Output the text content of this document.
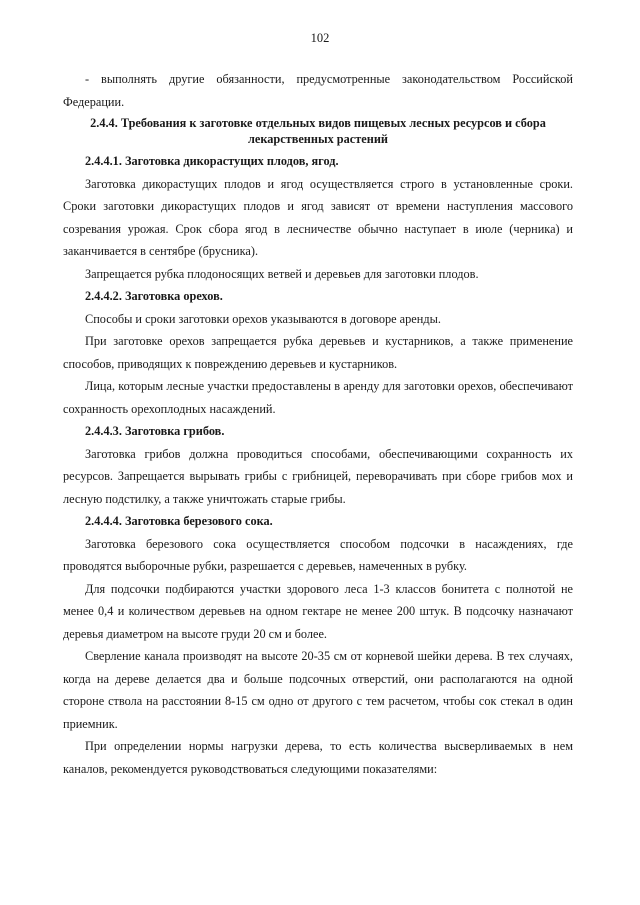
102

- выполнять другие обязанности, предусмотренные законодательством Российской Федерации.

2.4.4. Требования к заготовке отдельных видов пищевых лесных ресурсов и сбора лекарственных растений

2.4.4.1. Заготовка дикорастущих плодов, ягод.

Заготовка дикорастущих плодов и ягод осуществляется строго в установленные сроки. Сроки заготовки дикорастущих плодов и ягод зависят от времени наступления массового созревания урожая. Срок сбора ягод в лесничестве обычно наступает в июле (черника) и заканчивается в сентябре (брусника).

Запрещается рубка плодоносящих ветвей и деревьев для заготовки плодов.

2.4.4.2. Заготовка орехов.

Способы и сроки заготовки орехов указываются в договоре аренды.

При заготовке орехов запрещается рубка деревьев и кустарников, а также применение способов, приводящих к повреждению деревьев и кустарников.

Лица, которым лесные участки предоставлены в аренду для заготовки орехов, обеспечивают сохранность орехоплодных насаждений.

2.4.4.3. Заготовка грибов.

Заготовка грибов должна проводиться способами, обеспечивающими сохранность их ресурсов. Запрещается вырывать грибы с грибницей, переворачивать при сборе грибов мох и лесную подстилку, а также уничтожать старые грибы.

2.4.4.4. Заготовка березового сока.

Заготовка березового сока осуществляется способом подсочки в насаждениях, где проводятся выборочные рубки, разрешается с деревьев, намеченных в рубку.

Для подсочки подбираются участки здорового леса 1-3 классов бонитета с полнотой не менее 0,4 и количеством деревьев на одном гектаре не менее 200 штук. В подсочку назначают деревья диаметром на высоте груди 20 см и более.

Сверление канала производят на высоте 20-35 см от корневой шейки дерева. В тех случаях, когда на дереве делается два и больше подсочных отверстий, они располагаются на одной стороне ствола на расстоянии 8-15 см одно от другого с тем расчетом, чтобы сок стекал в один приемник.

При определении нормы нагрузки дерева, то есть количества высверливаемых в нем каналов, рекомендуется руководствоваться следующими показателями:
